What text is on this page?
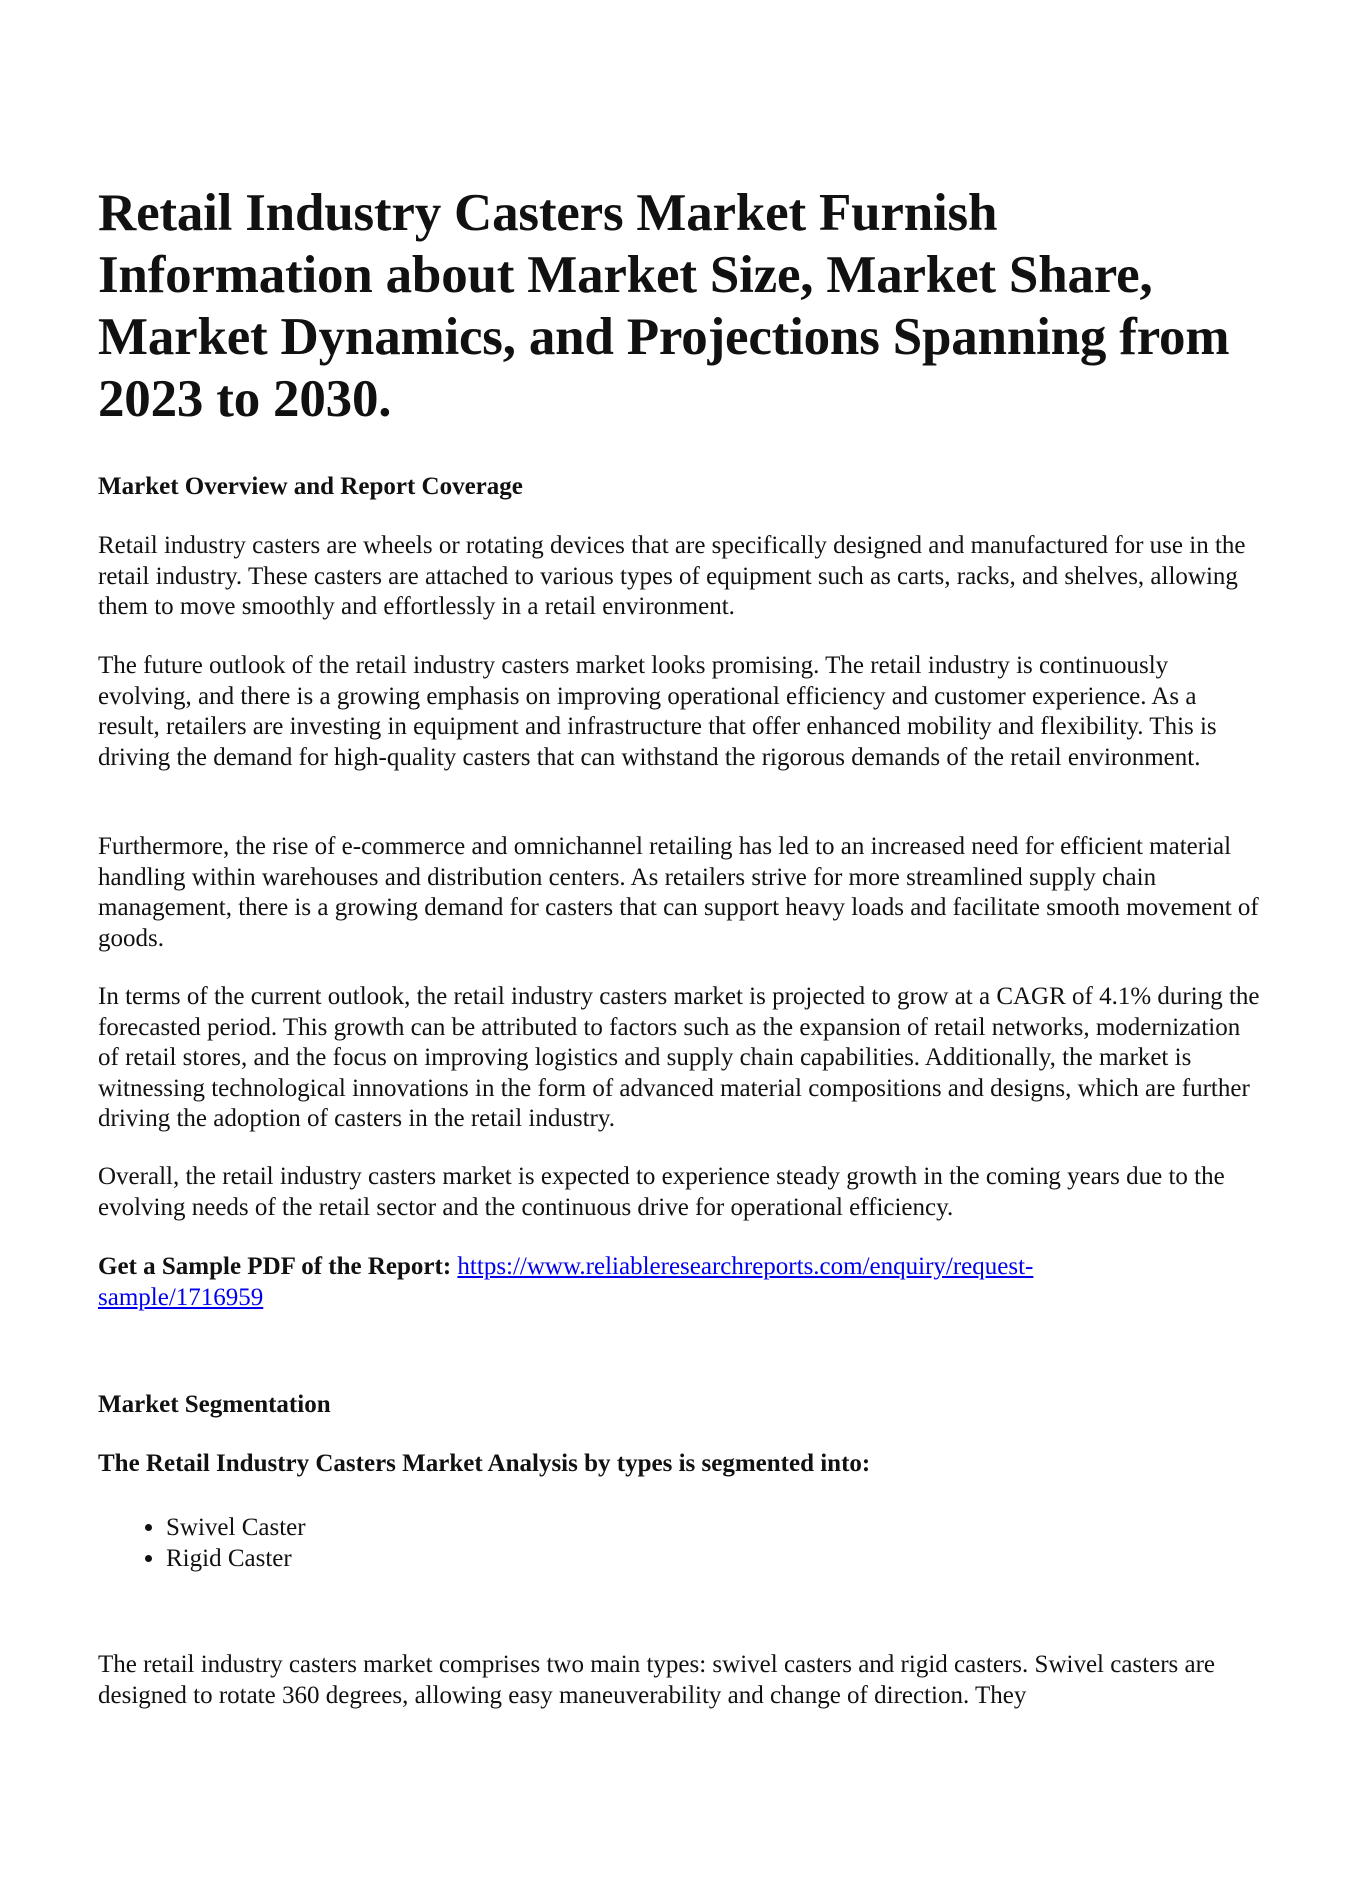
Retail Industry Casters Market Furnish Information about Market Size, Market Share, Market Dynamics, and Projections Spanning from 2023 to 2030.
Market Overview and Report Coverage

Retail industry casters are wheels or rotating devices that are specifically designed and manufactured for use in the retail industry. These casters are attached to various types of equipment such as carts, racks, and shelves, allowing them to move smoothly and effortlessly in a retail environment.

The future outlook of the retail industry casters market looks promising. The retail industry is continuously evolving, and there is a growing emphasis on improving operational efficiency and customer experience. As a result, retailers are investing in equipment and infrastructure that offer enhanced mobility and flexibility. This is driving the demand for high-quality casters that can withstand the rigorous demands of the retail environment.

Furthermore, the rise of e-commerce and omnichannel retailing has led to an increased need for efficient material handling within warehouses and distribution centers. As retailers strive for more streamlined supply chain management, there is a growing demand for casters that can support heavy loads and facilitate smooth movement of goods.

In terms of the current outlook, the retail industry casters market is projected to grow at a CAGR of 4.1% during the forecasted period. This growth can be attributed to factors such as the expansion of retail networks, modernization of retail stores, and the focus on improving logistics and supply chain capabilities. Additionally, the market is witnessing technological innovations in the form of advanced material compositions and designs, which are further driving the adoption of casters in the retail industry.

Overall, the retail industry casters market is expected to experience steady growth in the coming years due to the evolving needs of the retail sector and the continuous drive for operational efficiency.

Get a Sample PDF of the Report: https://www.reliableresearchreports.com/enquiry/request-sample/1716959

Market Segmentation
The Retail Industry Casters Market Analysis by types is segmented into:
• Swivel Caster
• Rigid Caster

The retail industry casters market comprises two main types: swivel casters and rigid casters. Swivel casters are designed to rotate 360 degrees, allowing easy maneuverability and change of direction. They
